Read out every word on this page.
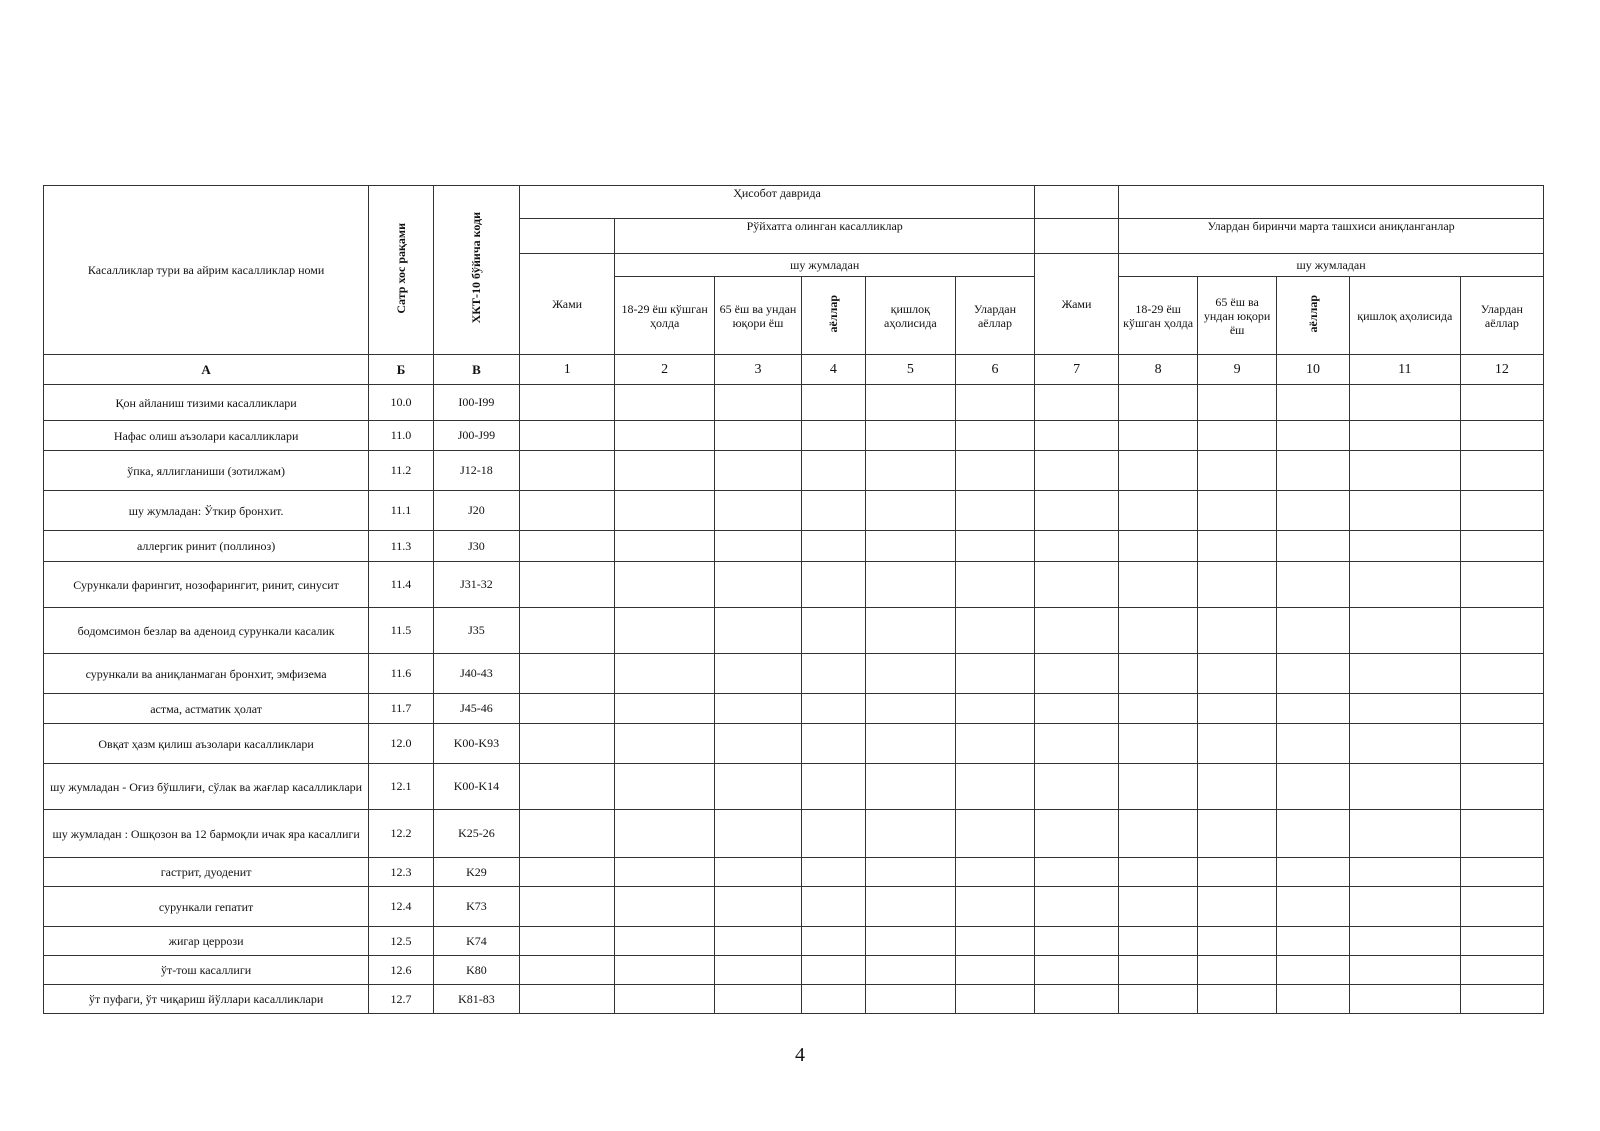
Касалликлар тури ва айрим касалликлар номи	Сатр хос рақами	ХКТ-10 бўйича коди	Ҳисобот даврида											
				Рўйхатга олинган касалликлар						Улардан биринчи марта ташхиси аниқланганлар				
			Жами	шу жумладан					Жами	шу жумладан				
				18-29 ёш кўшган ҳолда	65 ёш ва ундан юқори ёш	аёллар	қишлоқ аҳолисида	Улардан аёллар		18-29 ёш кўшган ҳолда	65 ёш ва ундан юқори ёш	аёллар	қишлоқ аҳолисида	Улардан аёллар
А	Б	В	1	2	3	4	5	6	7	8	9	10	11	12
Қон айланиш тизими касалликлари	10.0	I00-I99												
Нафас олиш аъзолари касалликлари	11.0	J00-J99												
ўпка, яллигланиши (зотилжам)	11.2	J12-18												
шу жумладан: Ўткир бронхит.	11.1	J20												
аллергик ринит (поллиноз)	11.3	J30												
Сурункали фарингит, нозофарингит, ринит, синусит	11.4	J31-32												
бодомсимон безлар ва аденоид сурункали касалик	11.5	J35												
сурункали ва аниқланмаган бронхит, эмфизема	11.6	J40-43												
астма, астматик ҳолат	11.7	J45-46												
Овқат ҳазм қилиш аъзолари касалликлари	12.0	K00-K93												
шу жумладан - Оғиз бўшлиғи, сўлак ва жағлар касалликлари	12.1	K00-K14												
шу жумладан : Ошқозон ва 12 бармоқли ичак яра касаллиги	12.2	K25-26												
гастрит, дуоденит	12.3	K29												
сурункали гепатит	12.4	K73												
жигар церрози	12.5	K74												
ўт-тош касаллиги	12.6	K80												
ўт пуфаги, ўт чиқариш йўллари касалликлари	12.7	K81-83												
4
